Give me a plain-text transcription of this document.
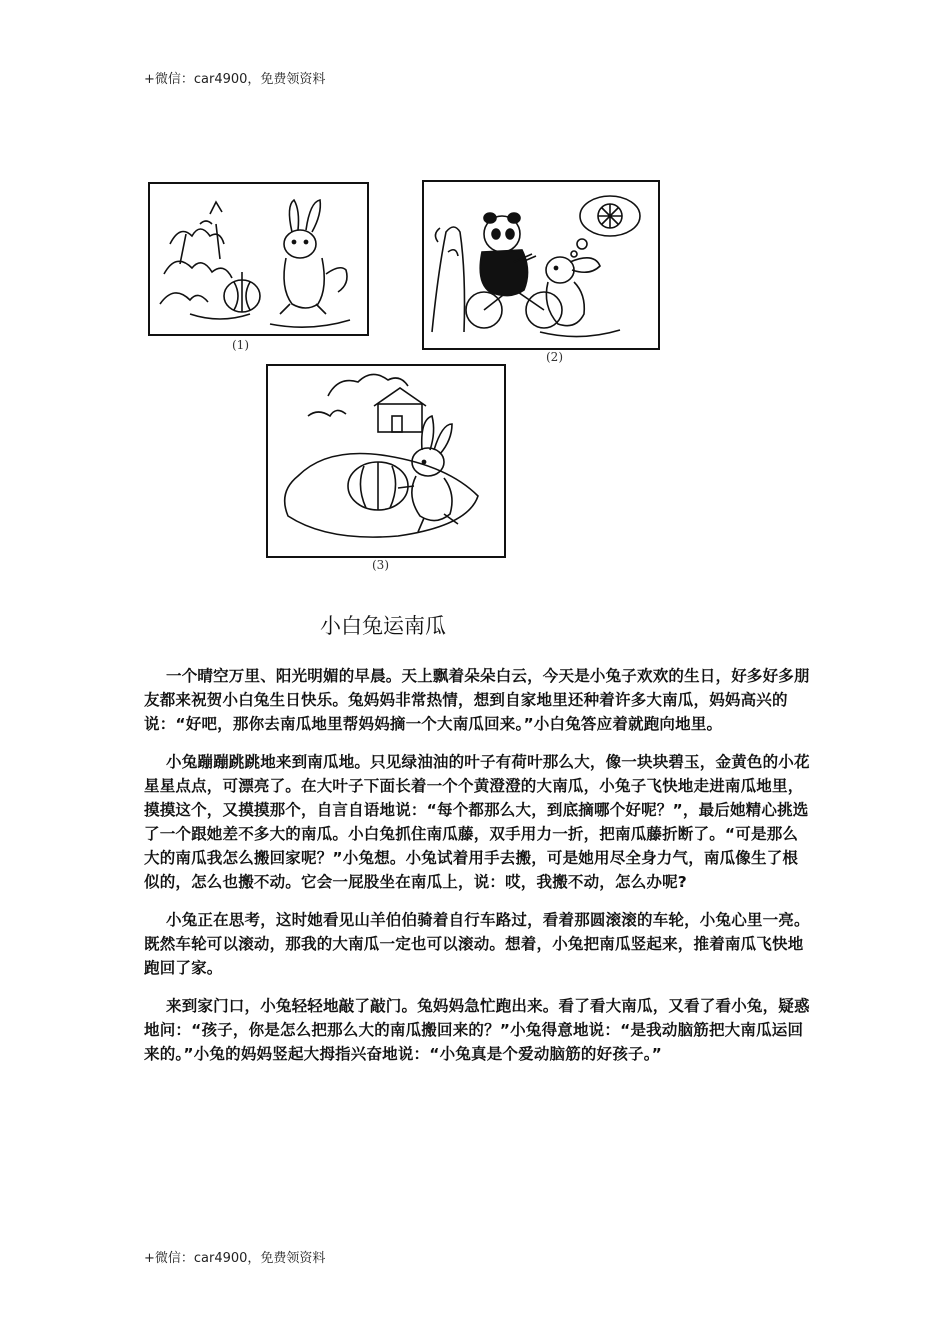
+微信：car4900，免费领资料
(1)
(2)
(3)
小白兔运南瓜

一个晴空万里、阳光明媚的早晨。天上飘着朵朵白云，今天是小兔子欢欢的生日，好多好多朋友都来祝贺小白兔生日快乐。兔妈妈非常热情，想到自家地里还种着许多大南瓜，妈妈高兴的说：“好吧，那你去南瓜地里帮妈妈摘一个大南瓜回来。”小白兔答应着就跑向地里。

小兔蹦蹦跳跳地来到南瓜地。只见绿油油的叶子有荷叶那么大，像一块块碧玉，金黄色的小花星星点点，可漂亮了。在大叶子下面长着一个个黄澄澄的大南瓜，小兔子飞快地走进南瓜地里，摸摸这个，又摸摸那个，自言自语地说：“每个都那么大，到底摘哪个好呢？”，最后她精心挑选了一个跟她差不多大的南瓜。小白兔抓住南瓜藤，双手用力一折，把南瓜藤折断了。“可是那么大的南瓜我怎么搬回家呢？”小兔想。小兔试着用手去搬，可是她用尽全身力气，南瓜像生了根似的，怎么也搬不动。它会一屁股坐在南瓜上，说：哎，我搬不动，怎么办呢?

小兔正在思考，这时她看见山羊伯伯骑着自行车路过，看着那圆滚滚的车轮，小兔心里一亮。既然车轮可以滚动，那我的大南瓜一定也可以滚动。想着，小兔把南瓜竖起来，推着南瓜飞快地跑回了家。

来到家门口，小兔轻轻地敲了敲门。兔妈妈急忙跑出来。看了看大南瓜，又看了看小兔，疑惑地问：“孩子，你是怎么把那么大的南瓜搬回来的？”小兔得意地说：“是我动脑筋把大南瓜运回来的。”小兔的妈妈竖起大拇指兴奋地说：“小兔真是个爱动脑筋的好孩子。”

+微信：car4900，免费领资料
